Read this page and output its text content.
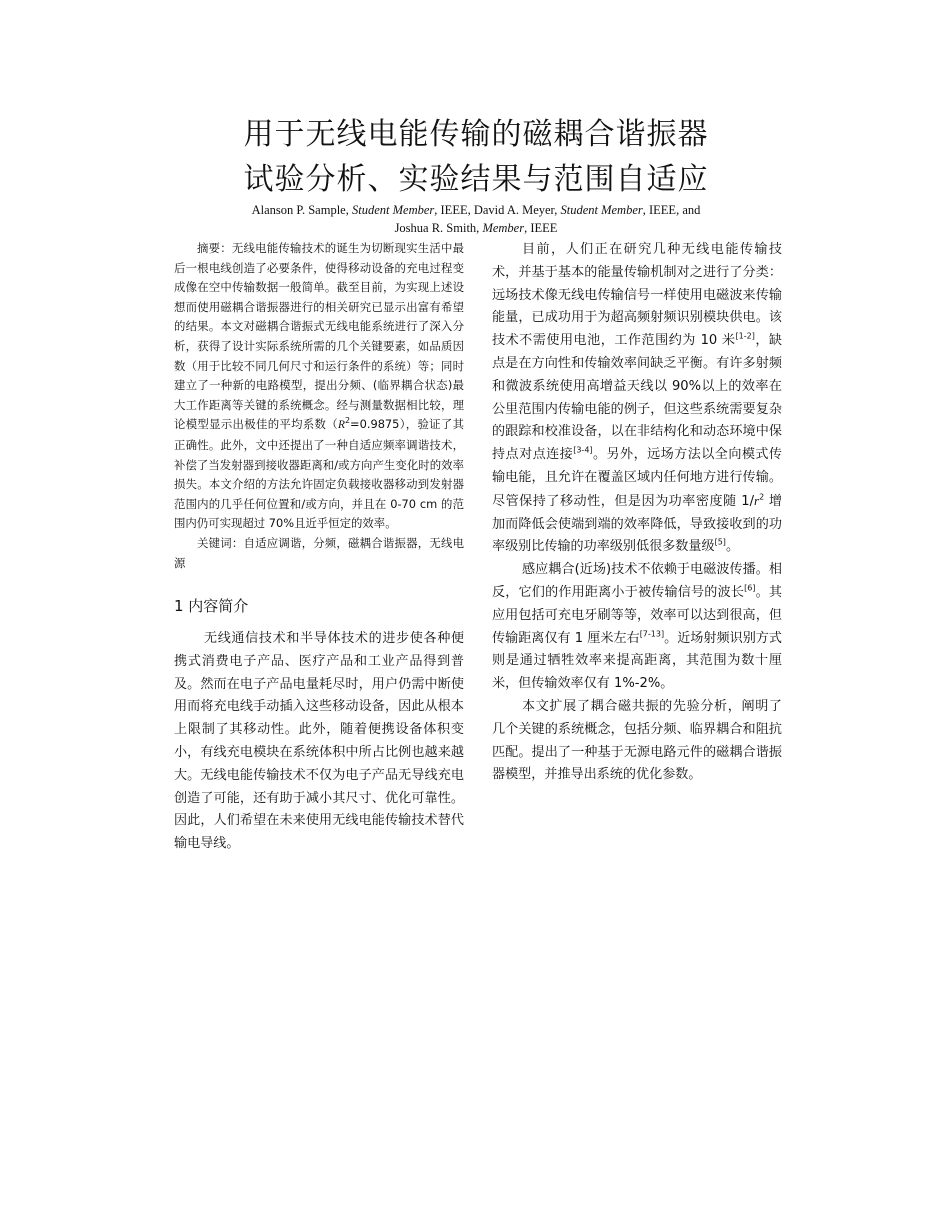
用于无线电能传输的磁耦合谐振器
试验分析、实验结果与范围自适应
Alanson P. Sample, Student Member, IEEE, David A. Meyer, Student Member, IEEE, and
Joshua R. Smith, Member, IEEE

摘要：无线电能传输技术的诞生为切断现实生活中最后一根电线创造了必要条件，使得移动设备的充电过程变成像在空中传输数据一般简单。截至目前，为实现上述设想而使用磁耦合谐振器进行的相关研究已显示出富有希望的结果。本文对磁耦合谐振式无线电能系统进行了深入分析，获得了设计实际系统所需的几个关键要素，如品质因数（用于比较不同几何尺寸和运行条件的系统）等；同时建立了一种新的电路模型，提出分频、(临界耦合状态)最大工作距离等关键的系统概念。经与测量数据相比较，理论模型显示出极佳的平均系数$(R^2=0.9875)$，验证了其正确性。此外，文中还提出了一种自适应频率调谐技术，补偿了当发射器到接收器距离和/或方向产生变化时的效率损失。本文介绍的方法允许固定负载接收器移动到发射器范围内的几乎任何位置和/或方向，并且在 0-70 cm 的范围内仍可实现超过 70%且近乎恒定的效率。

关键词：自适应调谐，分频，磁耦合谐振器，无线电源

1 内容简介

无线通信技术和半导体技术的进步使各种便携式消费电子产品、医疗产品和工业产品得到普及。然而在电子产品电量耗尽时，用户仍需中断使用而将充电线手动插入这些移动设备，因此从根本上限制了其移动性。此外，随着便携设备体积变小，有线充电模块在系统体积中所占比例也越来越大。无线电能传输技术不仅为电子产品无导线充电创造了可能，还有助于减小其尺寸、优化可靠性。因此，人们希望在未来使用无线电能传输技术替代输电导线。

目前，人们正在研究几种无线电能传输技术，并基于基本的能量传输机制对之进行了分类：远场技术像无线电传输信号一样使用电磁波来传输能量，已成功用于为超高频射频识别模块供电。该技术不需使用电池，工作范围约为 10 米[1-2]，缺点是在方向性和传输效率间缺乏平衡。有许多射频和微波系统使用高增益天线以 90%以上的效率在公里范围内传输电能的例子，但这些系统需要复杂的跟踪和校准设备，以在非结构化和动态环境中保持点对点连接[3-4]。另外，远场方法以全向模式传输电能，且允许在覆盖区域内任何地方进行传输。尽管保持了移动性，但是因为功率密度随 $1/r^2$ 增加而降低会使端到端的效率降低，导致接收到的功率级别比传输的功率级别低很多数量级[5]。

感应耦合(近场)技术不依赖于电磁波传播。相反，它们的作用距离小于被传输信号的波长[6]。其应用包括可充电牙刷等等，效率可以达到很高，但传输距离仅有 1 厘米左右[7-13]。近场射频识别方式则是通过牺牲效率来提高距离，其范围为数十厘米，但传输效率仅有 1%-2%。

本文扩展了耦合磁共振的先验分析，阐明了几个关键的系统概念，包括分频、临界耦合和阻抗匹配。提出了一种基于无源电路元件的磁耦合谐振器模型，并推导出系统的优化参数。
